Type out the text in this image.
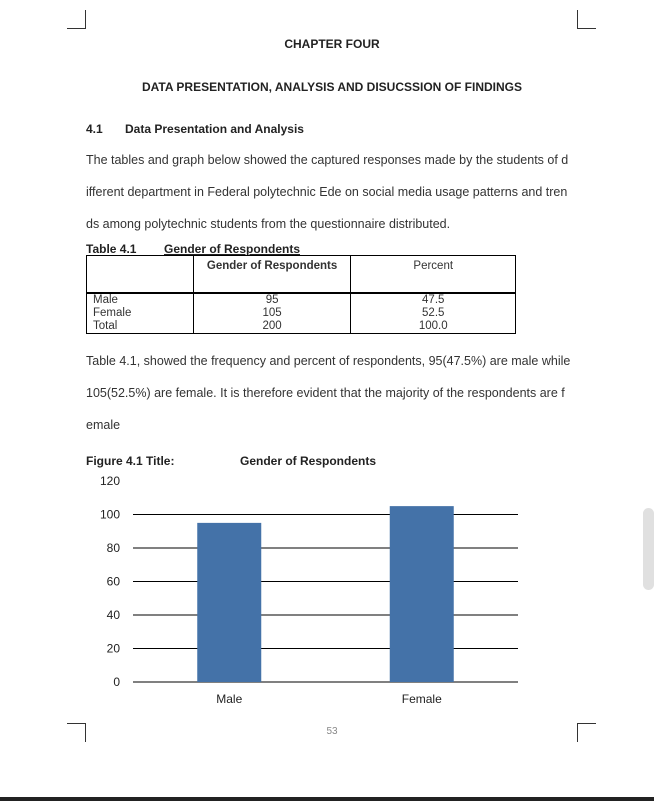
CHAPTER FOUR
DATA PRESENTATION, ANALYSIS AND DISUCSSION OF FINDINGS
4.1 Data Presentation and Analysis
The tables and graph below showed the captured responses made by the students of d
ifferent department in Federal polytechnic Ede on social media usage patterns and tren
ds among polytechnic students from the questionnaire distributed.
Table 4.1 Gender of Respondents
	Gender of Respondents	Percent
Male	95	47.5
Female	105	52.5
Total	200	100.0
Table 4.1, showed the frequency and percent of respondents, 95(47.5%) are male while
105(52.5%) are female. It is therefore evident that the majority of the respondents are f
emale
Figure 4.1 Title:	Gender of Respondents
0
20
40
60
80
100
120
Male	Female
53
